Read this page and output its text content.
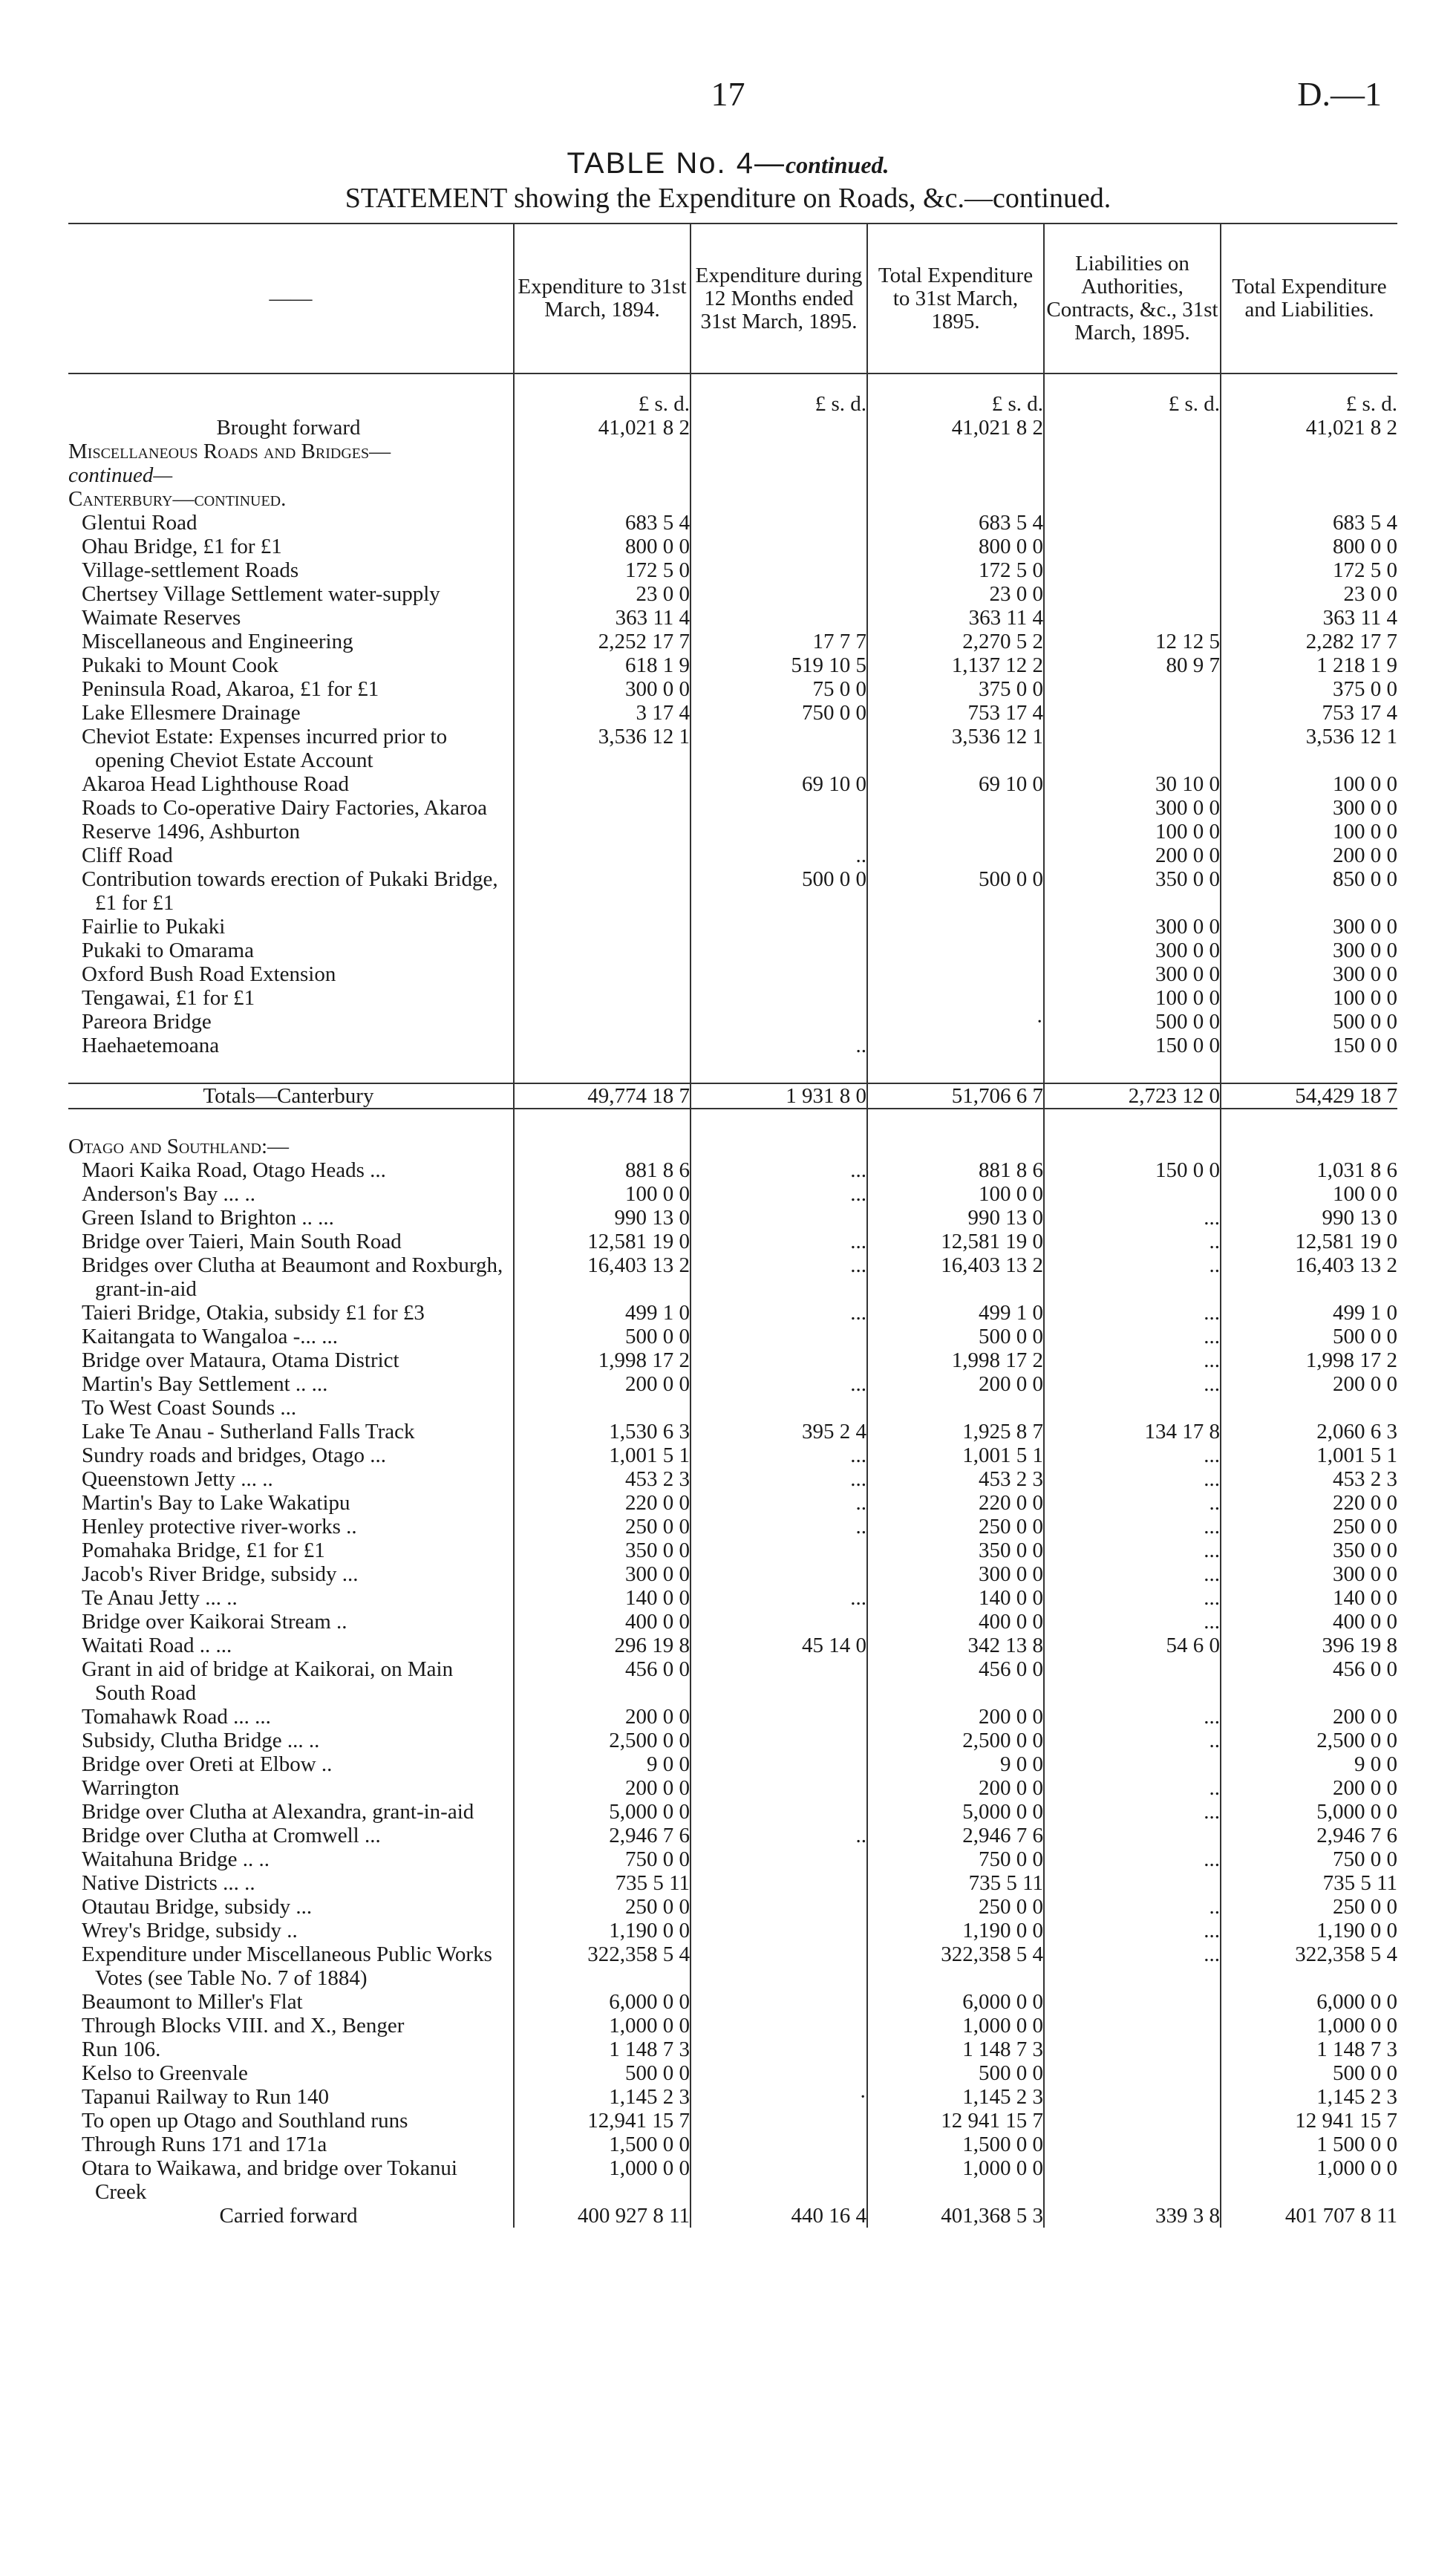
17	D.—1
TABLE No. 4—continued.
STATEMENT showing the Expenditure on Roads, &c.—continued.
——	Expenditure to 31st March, 1894.	Expenditure during 12 Months ended 31st March, 1895.	Total Expenditure to 31st March, 1895.	Liabilities on Authorities, Contracts, &c., 31st March, 1895.	Total Expenditure and Liabilities.

	£ s. d.	£ s. d.	£ s. d.	£ s. d.	£ s. d.
Brought forward	41,021 8 2		41,021 8 2		41,021 8 2
Miscellaneous Roads and Bridges—					
continued—					
Canterbury—continued.					
Glentui Road	683 5 4		683 5 4		683 5 4
Ohau Bridge, £1 for £1	800 0 0		800 0 0		800 0 0
Village-settlement Roads	172 5 0		172 5 0		172 5 0
Chertsey Village Settlement water-supply	23 0 0		23 0 0		23 0 0
Waimate Reserves	363 11 4		363 11 4		363 11 4
Miscellaneous and Engineering	2,252 17 7	17 7 7	2,270 5 2	12 12 5	2,282 17 7
Pukaki to Mount Cook	618 1 9	519 10 5	1,137 12 2	80 9 7	1 218 1 9
Peninsula Road, Akaroa, £1 for £1	300 0 0	75 0 0	375 0 0		375 0 0
Lake Ellesmere Drainage	3 17 4	750 0 0	753 17 4		753 17 4
Cheviot Estate: Expenses incurred prior to opening Cheviot Estate Account	3,536 12 1		3,536 12 1		3,536 12 1
Akaroa Head Lighthouse Road		69 10 0	69 10 0	30 10 0	100 0 0
Roads to Co-operative Dairy Factories, Akaroa				300 0 0	300 0 0
Reserve 1496, Ashburton				100 0 0	100 0 0
Cliff Road		..		200 0 0	200 0 0
Contribution towards erection of Pukaki Bridge, £1 for £1		500 0 0	500 0 0	350 0 0	850 0 0
Fairlie to Pukaki				300 0 0	300 0 0
Pukaki to Omarama				300 0 0	300 0 0
Oxford Bush Road Extension				300 0 0	300 0 0
Tengawai, £1 for £1				100 0 0	100 0 0
Pareora Bridge			·	500 0 0	500 0 0
Haehaetemoana		..		150 0 0	150 0 0

Totals—Canterbury	49,774 18 7	1 931 8 0	51,706 6 7	2,723 12 0	54,429 18 7

Otago and Southland:—					
Maori Kaika Road, Otago Heads ...	881 8 6	...	881 8 6	150 0 0	1,031 8 6
Anderson's Bay ... ..	100 0 0	...	100 0 0		100 0 0
Green Island to Brighton .. ...	990 13 0		990 13 0	...	990 13 0
Bridge over Taieri, Main South Road	12,581 19 0	...	12,581 19 0	..	12,581 19 0
Bridges over Clutha at Beaumont and Roxburgh, grant-in-aid	16,403 13 2	...	16,403 13 2	..	16,403 13 2
Taieri Bridge, Otakia, subsidy £1 for £3	499 1 0	...	499 1 0	...	499 1 0
Kaitangata to Wangaloa -... ...	500 0 0		500 0 0	...	500 0 0
Bridge over Mataura, Otama District	1,998 17 2		1,998 17 2	...	1,998 17 2
Martin's Bay Settlement .. ...	200 0 0	...	200 0 0	...	200 0 0
To West Coast Sounds ...					
Lake Te Anau - Sutherland Falls Track	1,530 6 3	395 2 4	1,925 8 7	134 17 8	2,060 6 3
Sundry roads and bridges, Otago ...	1,001 5 1	...	1,001 5 1	...	1,001 5 1
Queenstown Jetty ... ..	453 2 3	...	453 2 3	...	453 2 3
Martin's Bay to Lake Wakatipu	220 0 0	..	220 0 0	..	220 0 0
Henley protective river-works ..	250 0 0	..	250 0 0	...	250 0 0
Pomahaka Bridge, £1 for £1	350 0 0		350 0 0	...	350 0 0
Jacob's River Bridge, subsidy ...	300 0 0		300 0 0	...	300 0 0
Te Anau Jetty ... ..	140 0 0	...	140 0 0	...	140 0 0
Bridge over Kaikorai Stream ..	400 0 0		400 0 0	...	400 0 0
Waitati Road .. ...	296 19 8	45 14 0	342 13 8	54 6 0	396 19 8
Grant in aid of bridge at Kaikorai, on Main South Road	456 0 0		456 0 0		456 0 0
Tomahawk Road ... ...	200 0 0		200 0 0	...	200 0 0
Subsidy, Clutha Bridge ... ..	2,500 0 0		2,500 0 0	..	2,500 0 0
Bridge over Oreti at Elbow ..	9 0 0		9 0 0		9 0 0
Warrington	200 0 0		200 0 0	..	200 0 0
Bridge over Clutha at Alexandra, grant-in-aid	5,000 0 0		5,000 0 0	...	5,000 0 0
Bridge over Clutha at Cromwell ...	2,946 7 6	..	2,946 7 6		2,946 7 6
Waitahuna Bridge .. ..	750 0 0		750 0 0	...	750 0 0
Native Districts ... ..	735 5 11		735 5 11		735 5 11
Otautau Bridge, subsidy ...	250 0 0		250 0 0	..	250 0 0
Wrey's Bridge, subsidy ..	1,190 0 0		1,190 0 0	...	1,190 0 0
Expenditure under Miscellaneous Public Works Votes (see Table No. 7 of 1884)	322,358 5 4		322,358 5 4	...	322,358 5 4
Beaumont to Miller's Flat	6,000 0 0		6,000 0 0		6,000 0 0
Through Blocks VIII. and X., Benger	1,000 0 0		1,000 0 0		1,000 0 0
Run 106.	1 148 7 3		1 148 7 3		1 148 7 3
Kelso to Greenvale	500 0 0		500 0 0		500 0 0
Tapanui Railway to Run 140	1,145 2 3	·	1,145 2 3		1,145 2 3
To open up Otago and Southland runs	12,941 15 7		12 941 15 7		12 941 15 7
Through Runs 171 and 171a	1,500 0 0		1,500 0 0		1 500 0 0
Otara to Waikawa, and bridge over Tokanui Creek	1,000 0 0		1,000 0 0		1,000 0 0
Carried forward	400 927 8 11	440 16 4	401,368 5 3	339 3 8	401 707 8 11
